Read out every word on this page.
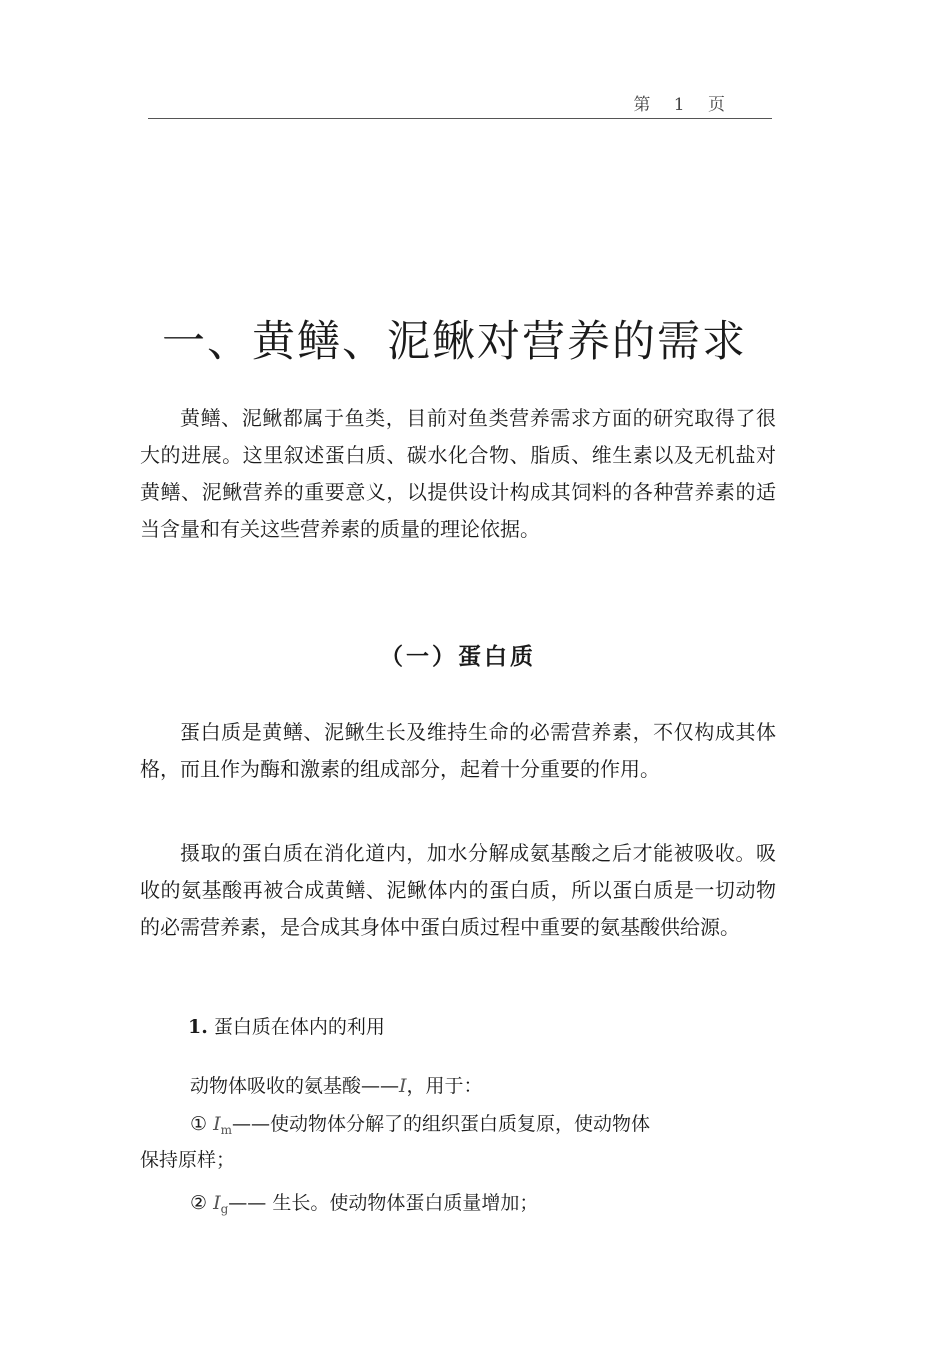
第 1 页
一、黄鳝、泥鳅对营养的需求

黄鳝、泥鳅都属于鱼类，目前对鱼类营养需求方面的研究取得了很大的进展。这里叙述蛋白质、碳水化合物、脂质、维生素以及无机盐对黄鳝、泥鳅营养的重要意义，以提供设计构成其饲料的各种营养素的适当含量和有关这些营养素的质量的理论依据。

（一）蛋白质

蛋白质是黄鳝、泥鳅生长及维持生命的必需营养素，不仅构成其体格，而且作为酶和激素的组成部分，起着十分重要的作用。

摄取的蛋白质在消化道内，加水分解成氨基酸之后才能被吸收。吸收的氨基酸再被合成黄鳝、泥鳅体内的蛋白质，所以蛋白质是一切动物的必需营养素，是合成其身体中蛋白质过程中重要的氨基酸供给源。

1. 蛋白质在体内的利用

动物体吸收的氨基酸——I，用于：

① $I_m——$使动物体分解了的组织蛋白质复原，使动物体

保持原样；

② $I_g——$ 生长。使动物体蛋白质量增加；
